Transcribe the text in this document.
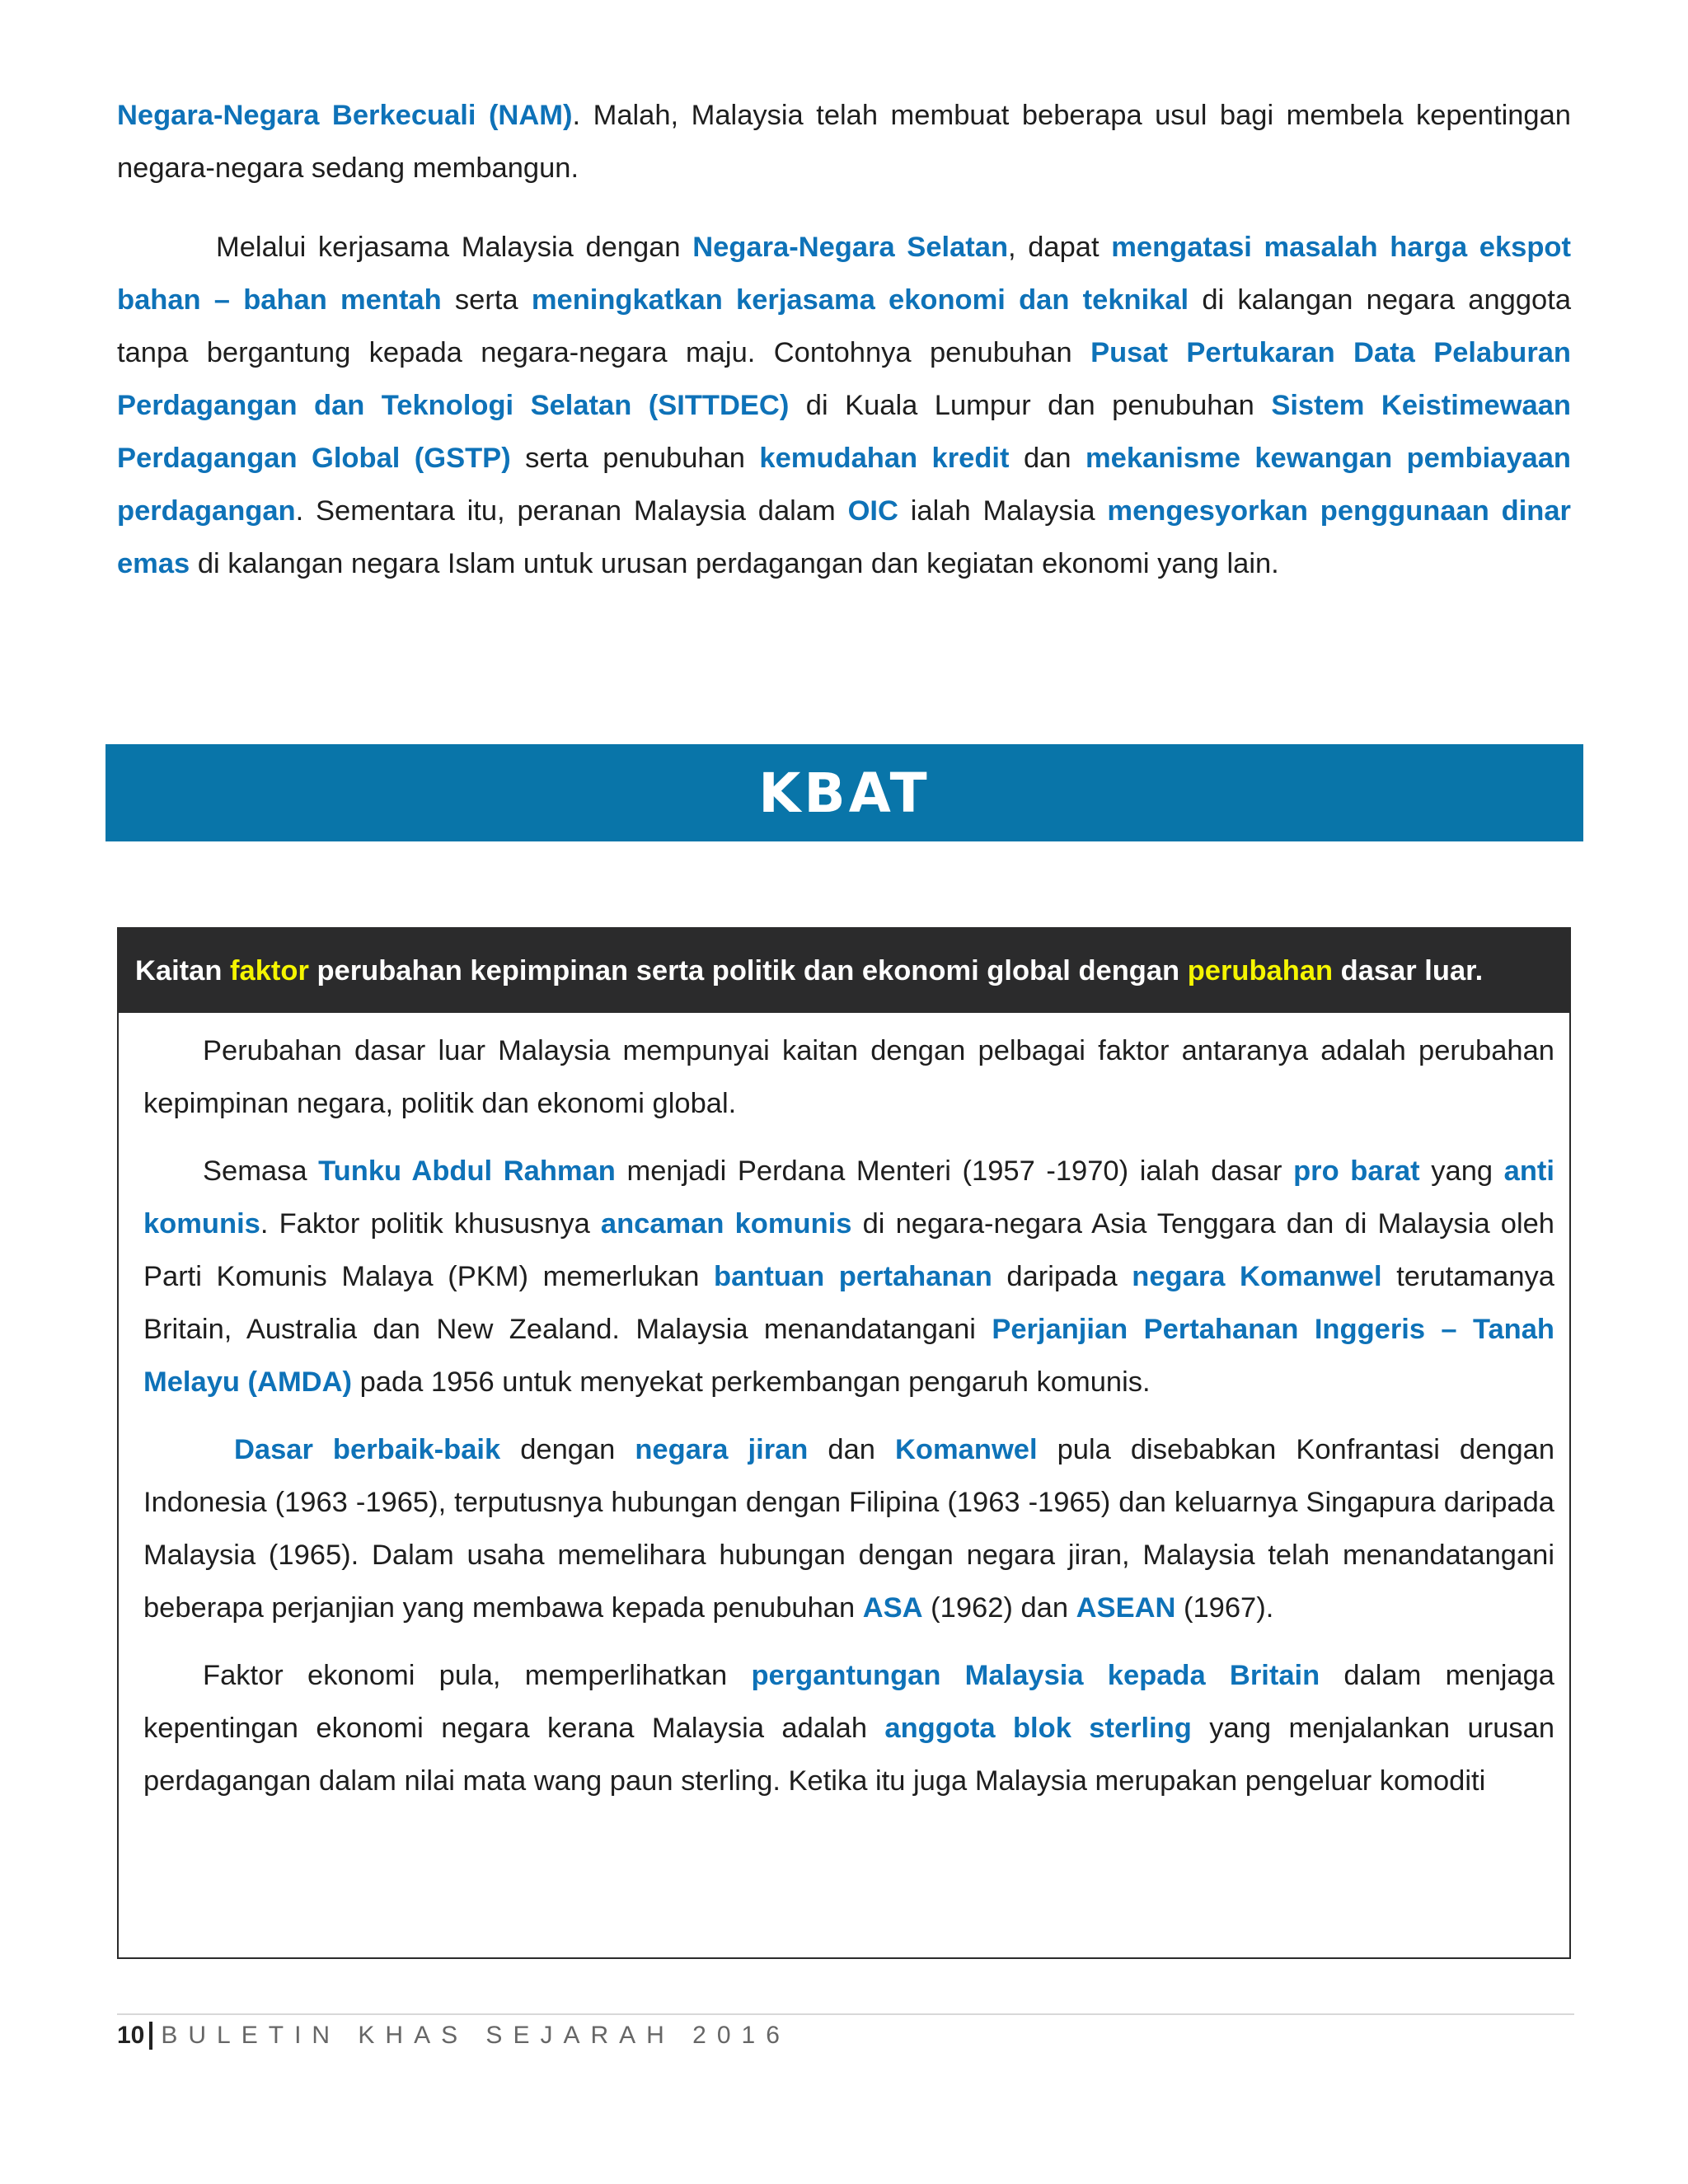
Negara-Negara Berkecuali (NAM). Malah, Malaysia telah membuat beberapa usul bagi membela kepentingan negara-negara sedang membangun.

Melalui kerjasama Malaysia dengan Negara-Negara Selatan, dapat mengatasi masalah harga ekspot bahan – bahan mentah serta meningkatkan kerjasama ekonomi dan teknikal di kalangan negara anggota tanpa bergantung kepada negara-negara maju. Contohnya penubuhan Pusat Pertukaran Data Pelaburan Perdagangan dan Teknologi Selatan (SITTDEC) di Kuala Lumpur dan penubuhan Sistem Keistimewaan Perdagangan Global (GSTP) serta penubuhan kemudahan kredit dan mekanisme kewangan pembiayaan perdagangan. Sementara itu, peranan Malaysia dalam OIC ialah Malaysia mengesyorkan penggunaan dinar emas di kalangan negara Islam untuk urusan perdagangan dan kegiatan ekonomi yang lain.

KBAT
Kaitan faktor perubahan kepimpinan serta politik dan ekonomi global dengan perubahan dasar luar.

Perubahan dasar luar Malaysia mempunyai kaitan dengan pelbagai faktor antaranya adalah perubahan kepimpinan negara, politik dan ekonomi global.

Semasa Tunku Abdul Rahman menjadi Perdana Menteri (1957 -1970) ialah dasar pro barat yang anti komunis. Faktor politik khususnya ancaman komunis di negara-negara Asia Tenggara dan di Malaysia oleh Parti Komunis Malaya (PKM) memerlukan bantuan pertahanan daripada negara Komanwel terutamanya Britain, Australia dan New Zealand. Malaysia menandatangani Perjanjian Pertahanan Inggeris – Tanah Melayu (AMDA) pada 1956 untuk menyekat perkembangan pengaruh komunis.

Dasar berbaik-baik dengan negara jiran dan Komanwel pula disebabkan Konfrantasi dengan Indonesia (1963 -1965), terputusnya hubungan dengan Filipina (1963 -1965) dan keluarnya Singapura daripada Malaysia (1965). Dalam usaha memelihara hubungan dengan negara jiran, Malaysia telah menandatangani beberapa perjanjian yang membawa kepada penubuhan ASA (1962) dan ASEAN (1967).

Faktor ekonomi pula, memperlihatkan pergantungan Malaysia kepada Britain dalam menjaga kepentingan ekonomi negara kerana Malaysia adalah anggota blok sterling yang menjalankan urusan perdagangan dalam nilai mata wang paun sterling. Ketika itu juga Malaysia merupakan pengeluar komoditi

10 BULETIN KHAS SEJARAH 2016
